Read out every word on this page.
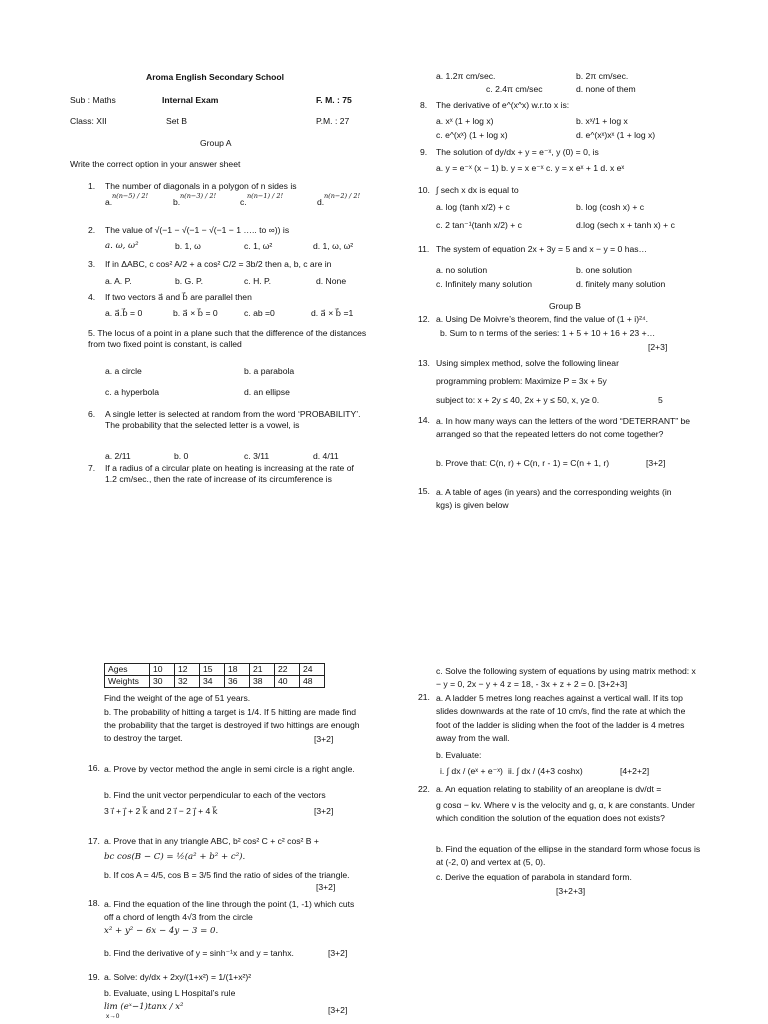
Aroma English Secondary School
Sub : Maths	Internal Exam	F. M. : 75
Class: XII	Set B	P.M. : 27
Group A
Write the correct option in your answer sheet
1. The number of diagonals in a polygon of n sides is
a.
n(n−5) / 2!
b.
n(n−3) / 2!
c.
n(n−1) / 2!
d.
n(n−2) / 2!
2. The value of √(−1 − √(−1 − √(−1 − 1 ….. to ∞)) is
a. ω, ω²	b. 1, ω	c. 1, ω²	d. 1, ω, ω²
3. If in ΔABC, c cos² A/2 + a cos² C/2 = 3b/2 then a, b, c are in
a. A. P.	b. G. P.	c. H. P.	d. None
4. If two vectors a⃗ and b⃗ are parallel then
a. a⃗.b⃗ = 0	b. a⃗ × b⃗ = 0	c. ab =0	d. a⃗ × b⃗ =1
5. The locus of a point in a plane such that the difference of the distances from two fixed point is constant, is called
a. a circle	b. a parabola
c. a hyperbola	d. an ellipse
6. A single letter is selected at random from the word ‘PROBABILITY’. The probability that the selected letter is a vowel, is
a. 2/11	b. 0	c. 3/11	d. 4/11
7. If a radius of a circular plate on heating is increasing at the rate of 1.2 cm/sec., then the rate of increase of its circumference is
a. 1.2π cm/sec.	b. 2π cm/sec.
c. 2.4π cm/sec	d. none of them
8. The derivative of e^(x^x) w.r.to x is:
a. xˣ (1 + log x)	b. xˣ/1 + log x
c. e^(xˣ) (1 + log x)	d. e^(xˣ)xˣ (1 + log x)
9. The solution of dy/dx + y = e⁻ˣ, y (0) = 0, is
a. y = e⁻ˣ (x − 1) b. y = x e⁻ˣ c. y = x eˣ + 1 d. x eˣ
10. ∫ sech x dx is equal to
a. log (tanh x/2) + c	b. log (cosh x) + c
c. 2 tan⁻¹(tanh x/2) + c	d.log (sech x + tanh x) + c
11. The system of equation 2x + 3y = 5 and x − y = 0 has…
a. no solution	b. one solution
c. Infinitely many solution	d. finitely many solution
Group B
12. a. Using De Moivre’s theorem, find the value of (1 + i)²⁴.
b. Sum to n terms of the series: 1 + 5 + 10 + 16 + 23 +…
[2+3]
13. Using simplex method, solve the following linear
programming problem: Maximize P = 3x + 5y
subject to: x + 2y ≤ 40, 2x + y ≤ 50, x, y≥ 0.	5
14. a. In how many ways can the letters of the word “DETERRANT” be arranged so that the repeated letters do not come together?
b. Prove that: C(n, r) + C(n, r - 1) = C(n + 1, r)	[3+2]
15. a. A table of ages (in years) and the corresponding weights (in kgs) is given below
Ages	10	12	15	18	21	22	24
Weights	30	32	34	36	38	40	48
Find the weight of the age of 51 years.
b. The probability of hitting a target is 1/4. If 5 hitting are made find the probability that the target is destroyed if two hittings are enough to destroy the target.	[3+2]
16. a. Prove by vector method the angle in semi circle is a right angle.
b. Find the unit vector perpendicular to each of the vectors
3 i⃗ + j⃗ + 2 k⃗ and 2 i⃗ − 2 j⃗ + 4 k⃗	[3+2]
17. a. Prove that in any triangle ABC, b² cos² C + c² cos² B +
bc cos(B − C) = ½(a² + b² + c²).
b. If cos A = 4/5, cos B = 3/5 find the ratio of sides of the triangle.
[3+2]
18. a. Find the equation of the line through the point (1, -1) which cuts off a chord of length 4√3 from the circle
x² + y² − 6x − 4y − 3 = 0.
b. Find the derivative of y = sinh⁻¹x and y = tanhx.	[3+2]
19. a. Solve: dy/dx + 2xy/(1+x²) = 1/(1+x²)²
b. Evaluate, using L Hospital’s rule
lim (eˣ−1)tanx / x²
x→0
[3+2]
c. Solve the following system of equations by using matrix method: x − y = 0, 2x − y + 4 z = 18, - 3x + z + 2 = 0. [3+2+3]
21. a. A ladder 5 metres long reaches against a vertical wall. If its top slides downwards at the rate of 10 cm/s, find the rate at which the foot of the ladder is sliding when the foot of the ladder is 4 metres away from the wall.
b. Evaluate:
i. ∫ dx / (eˣ + e⁻ˣ) ii. ∫ dx / (4+3 coshx)	[4+2+2]
22. a. An equation relating to stability of an areoplane is dv/dt =
g cosα − kv. Where v is the velocity and g, α, k are constants. Under which condition the solution of the equation does not exists?
b. Find the equation of the ellipse in the standard form whose focus is at (-2, 0) and vertex at (5, 0).
c. Derive the equation of parabola in standard form.
[3+2+3]
